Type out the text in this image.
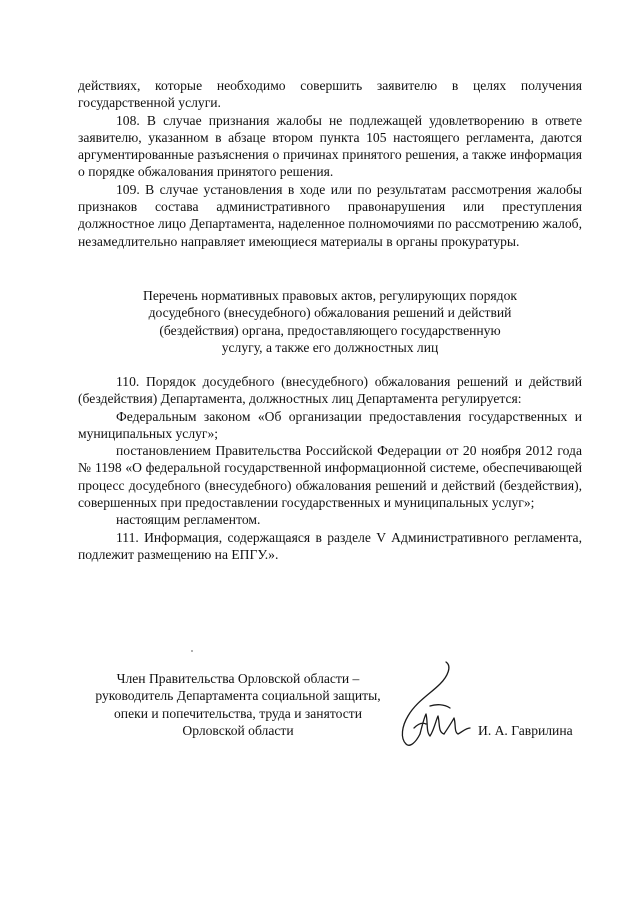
действиях, которые необходимо совершить заявителю в целях получения государственной услуги.

108. В случае признания жалобы не подлежащей удовлетворению в ответе заявителю, указанном в абзаце втором пункта 105 настоящего регламента, даются аргументированные разъяснения о причинах принятого решения, а также информация о порядке обжалования принятого решения.

109. В случае установления в ходе или по результатам рассмотрения жалобы признаков состава административного правонарушения или преступления должностное лицо Департамента, наделенное полномочиями по рассмотрению жалоб, незамедлительно направляет имеющиеся материалы в органы прокуратуры.

Перечень нормативных правовых актов, регулирующих порядок
досудебного (внесудебного) обжалования решений и действий
(бездействия) органа, предоставляющего государственную
услугу, а также его должностных лиц

110. Порядок досудебного (внесудебного) обжалования решений и действий (бездействия) Департамента, должностных лиц Департамента регулируется:

Федеральным законом «Об организации предоставления государственных и муниципальных услуг»;

постановлением Правительства Российской Федерации от 20 ноября 2012 года № 1198 «О федеральной государственной информационной системе, обеспечивающей процесс досудебного (внесудебного) обжалования решений и действий (бездействия), совершенных при предоставлении государственных и муниципальных услуг»;

настоящим регламентом.

111. Информация, содержащаяся в разделе V Административного регламента, подлежит размещению на ЕПГУ.».

Член Правительства Орловской области –
руководитель Департамента социальной защиты,
опеки и попечительства, труда и занятости
Орловской области	И. А. Гаврилина
